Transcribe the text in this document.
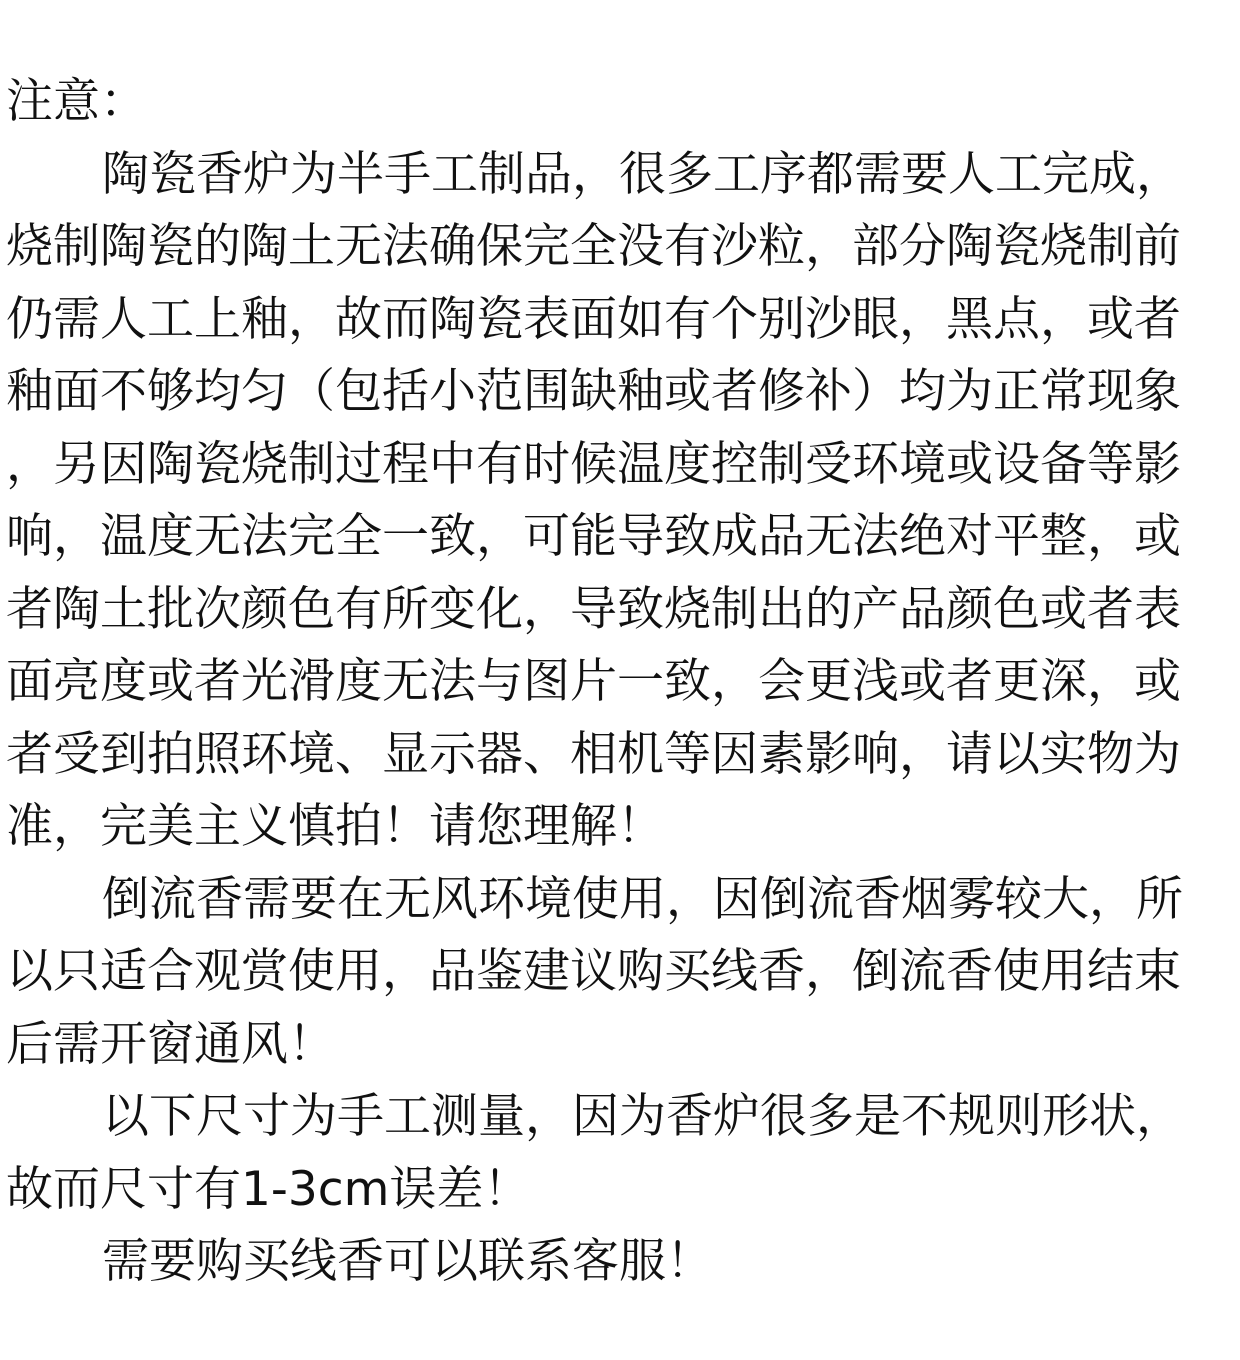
注意：
陶瓷香炉为半手工制品，很多工序都需要人工完成，
烧制陶瓷的陶土无法确保完全没有沙粒，部分陶瓷烧制前
仍需人工上釉，故而陶瓷表面如有个别沙眼，黑点，或者
釉面不够均匀（包括小范围缺釉或者修补）均为正常现象
，另因陶瓷烧制过程中有时候温度控制受环境或设备等影
响，温度无法完全一致，可能导致成品无法绝对平整，或
者陶土批次颜色有所变化，导致烧制出的产品颜色或者表
面亮度或者光滑度无法与图片一致，会更浅或者更深，或
者受到拍照环境、显示器、相机等因素影响，请以实物为
准，完美主义慎拍！请您理解！
倒流香需要在无风环境使用，因倒流香烟雾较大，所
以只适合观赏使用，品鉴建议购买线香，倒流香使用结束
后需开窗通风！
以下尺寸为手工测量，因为香炉很多是不规则形状，
故而尺寸有1-3cm误差！
需要购买线香可以联系客服！
